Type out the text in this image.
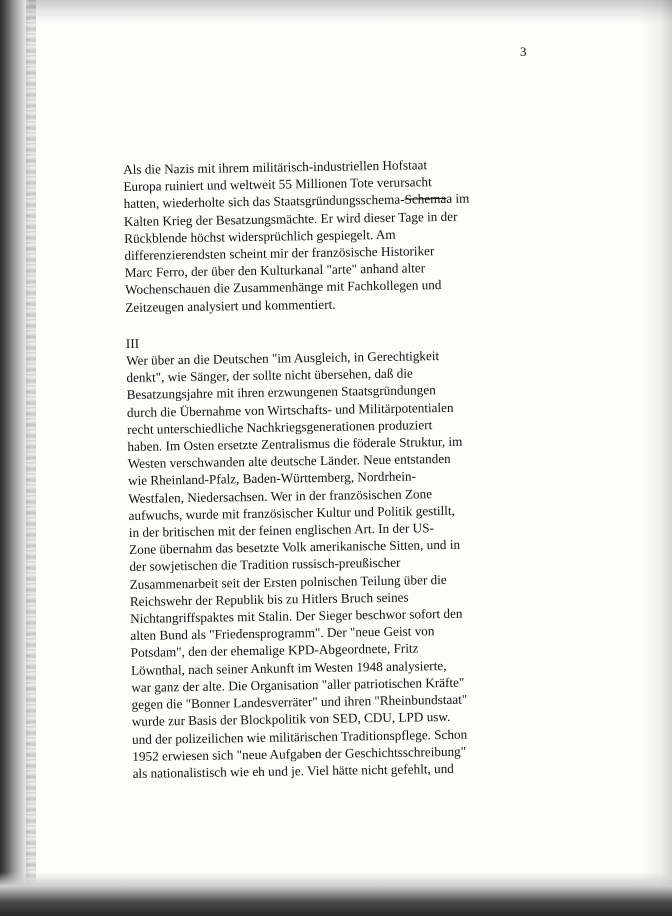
3
Als die Nazis mit ihrem militärisch-industriellen Hofstaat
Europa ruiniert und weltweit 55 Millionen Tote verursacht
hatten, wiederholte sich das Staatsgründungsschema-Schemaa im
Kalten Krieg der Besatzungsmächte. Er wird dieser Tage in der
Rückblende höchst widersprüchlich gespiegelt. Am
differenzierendsten scheint mir der französische Historiker
Marc Ferro, der über den Kulturkanal "arte" anhand alter
Wochenschauen die Zusammenhänge mit Fachkollegen und
Zeitzeugen analysiert und kommentiert.
III
Wer über an die Deutschen "im Ausgleich, in Gerechtigkeit
denkt", wie Sänger, der sollte nicht übersehen, daß die
Besatzungsjahre mit ihren erzwungenen Staatsgründungen
durch die Übernahme von Wirtschafts- und Militärpotentialen
recht unterschiedliche Nachkriegsgenerationen produziert
haben. Im Osten ersetzte Zentralismus die föderale Struktur, im
Westen verschwanden alte deutsche Länder. Neue entstanden
wie Rheinland-Pfalz, Baden-Württemberg, Nordrhein-
Westfalen, Niedersachsen. Wer in der französischen Zone
aufwuchs, wurde mit französischer Kultur und Politik gestillt,
in der britischen mit der feinen englischen Art. In der US-
Zone übernahm das besetzte Volk amerikanische Sitten, und in
der sowjetischen die Tradition russisch-preußischer
Zusammenarbeit seit der Ersten polnischen Teilung über die
Reichswehr der Republik bis zu Hitlers Bruch seines
Nichtangriffspaktes mit Stalin. Der Sieger beschwor sofort den
alten Bund als "Friedensprogramm". Der "neue Geist von
Potsdam", den der ehemalige KPD-Abgeordnete, Fritz
Löwnthal, nach seiner Ankunft im Westen 1948 analysierte,
war ganz der alte. Die Organisation "aller patriotischen Kräfte"
gegen die "Bonner Landesverräter" und ihren "Rheinbundstaat"
wurde zur Basis der Blockpolitik von SED, CDU, LPD usw.
und der polizeilichen wie militärischen Traditionspflege. Schon
1952 erwiesen sich "neue Aufgaben der Geschichtsschreibung"
als nationalistisch wie eh und je. Viel hätte nicht gefehlt, und
